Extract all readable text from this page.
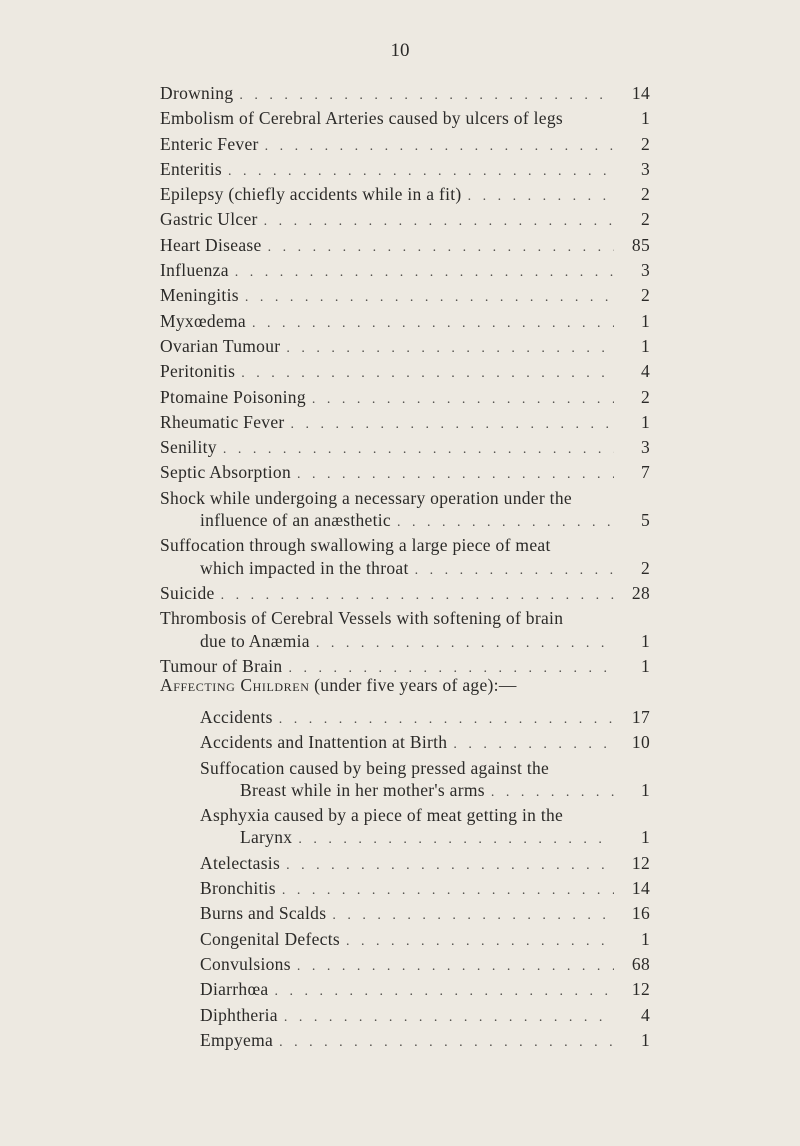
10
Drowning . . .	14
Embolism of Cerebral Arteries caused by ulcers of legs	1
Enteric Fever . . .	2
Enteritis . . .	3
Epilepsy (chiefly accidents while in a fit) . . .	2
Gastric Ulcer . . .	2
Heart Disease . . .	85
Influenza . . .	3
Meningitis . . .	2
Myxœdema . . .	1
Ovarian Tumour . . .	1
Peritonitis . . .	4
Ptomaine Poisoning . . .	2
Rheumatic Fever . . .	1
Senility . . .	3
Septic Absorption . . .	7
Shock while undergoing a necessary operation under the
influence of an anæsthetic . . .	5
Suffocation through swallowing a large piece of meat
which impacted in the throat . . .	2
Suicide . . .	28
Thrombosis of Cerebral Vessels with softening of brain
due to Anæmia . . .	1
Tumour of Brain . . .	1
Affecting Children (under five years of age):—
Accidents . . .	17
Accidents and Inattention at Birth . . .	10
Suffocation caused by being pressed against the
Breast while in her mother's arms . . .	1
Asphyxia caused by a piece of meat getting in the
Larynx . . .	1
Atelectasis . . .	12
Bronchitis . . .	14
Burns and Scalds . . .	16
Congenital Defects . . .	1
Convulsions . . .	68
Diarrhœa . . .	12
Diphtheria . . .	4
Empyema . . .	1
